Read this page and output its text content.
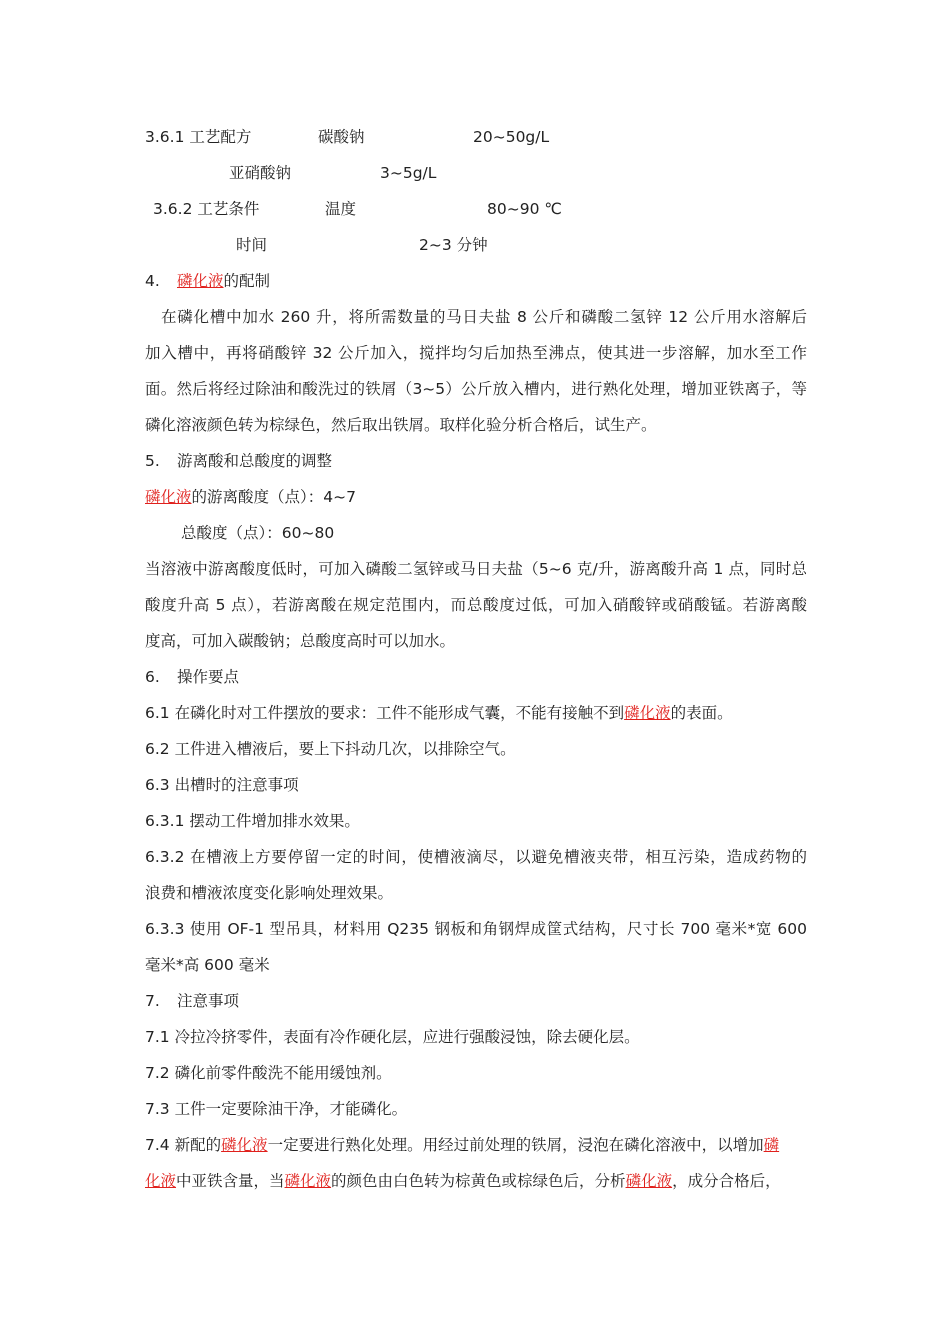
3.6.1 工艺配方	碳酸钠	20~50g/L
亚硝酸钠	3~5g/L
3.6.2 工艺条件	温度	80~90 ℃
时间	2~3 分钟
4. 磷化液的配制
在磷化槽中加水 260 升，将所需数量的马日夫盐 8 公斤和磷酸二氢锌 12 公斤用水溶解后
加入槽中，再将硝酸锌 32 公斤加入，搅拌均匀后加热至沸点，使其进一步溶解，加水至工作
面。然后将经过除油和酸洗过的铁屑（3~5）公斤放入槽内，进行熟化处理，增加亚铁离子，等
磷化溶液颜色转为棕绿色，然后取出铁屑。取样化验分析合格后，试生产。
5. 游离酸和总酸度的调整
磷化液的游离酸度（点）：4~7
总酸度（点）：60~80
当溶液中游离酸度低时，可加入磷酸二氢锌或马日夫盐（5~6 克/升，游离酸升高 1 点，同时总
酸度升高 5 点），若游离酸在规定范围内，而总酸度过低，可加入硝酸锌或硝酸锰。若游离酸
度高，可加入碳酸钠；总酸度高时可以加水。
6. 操作要点
6.1 在磷化时对工件摆放的要求：工件不能形成气囊，不能有接触不到磷化液的表面。
6.2 工件进入槽液后，要上下抖动几次，以排除空气。
6.3 出槽时的注意事项
6.3.1 摆动工件增加排水效果。
6.3.2 在槽液上方要停留一定的时间，使槽液滴尽，以避免槽液夹带，相互污染，造成药物的
浪费和槽液浓度变化影响处理效果。
6.3.3 使用 OF-1 型吊具，材料用 Q235 钢板和角钢焊成筐式结构，尺寸长 700 毫米*宽 600
毫米*高 600 毫米
7. 注意事项
7.1 冷拉冷挤零件，表面有冷作硬化层，应进行强酸浸蚀，除去硬化层。
7.2 磷化前零件酸洗不能用缓蚀剂。
7.3 工件一定要除油干净，才能磷化。
7.4 新配的磷化液一定要进行熟化处理。用经过前处理的铁屑，浸泡在磷化溶液中，以增加磷
化液中亚铁含量，当磷化液的颜色由白色转为棕黄色或棕绿色后，分析磷化液，成分合格后，
